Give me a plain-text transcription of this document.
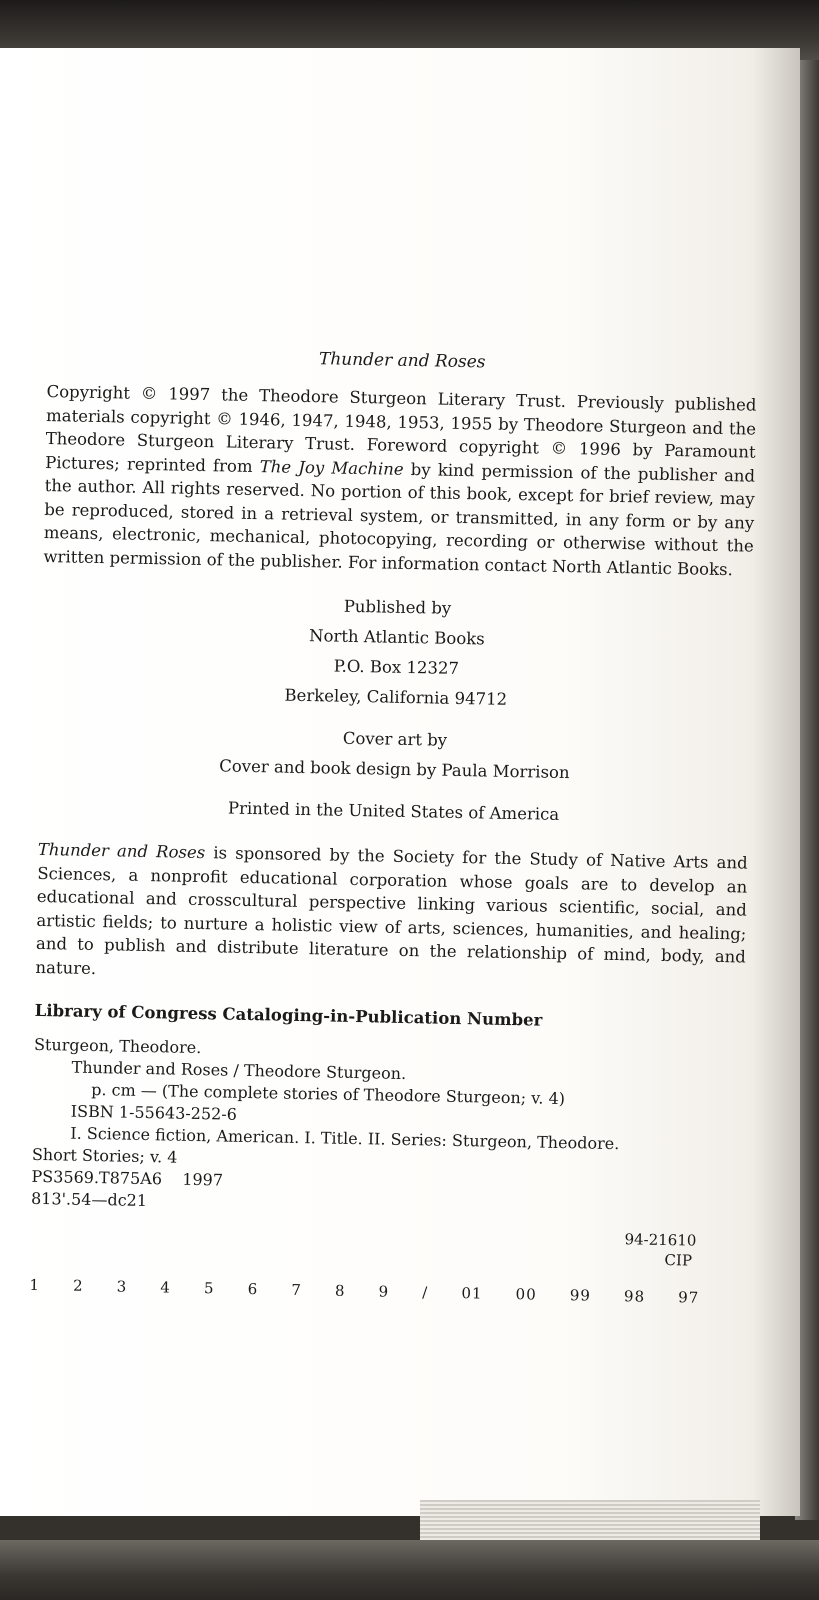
Thunder and Roses

Copyright © 1997 the Theodore Sturgeon Literary Trust. Previously published materials copyright © 1946, 1947, 1948, 1953, 1955 by Theodore Sturgeon and the Theodore Sturgeon Literary Trust. Foreword copyright © 1996 by Paramount Pictures; reprinted from The Joy Machine by kind permission of the publisher and the author. All rights reserved. No portion of this book, except for brief review, may be reproduced, stored in a retrieval system, or transmitted, in any form or by any means, electronic, mechanical, photocopying, recording or otherwise without the written permission of the publisher. For information contact North Atlantic Books.

Published by

North Atlantic Books

P.O. Box 12327

Berkeley, California 94712

Cover art by

Cover and book design by Paula Morrison

Printed in the United States of America

Thunder and Roses is sponsored by the Society for the Study of Native Arts and Sciences, a nonprofit educational corporation whose goals are to develop an educational and crosscultural perspective linking various scientific, social, and artistic fields; to nurture a holistic view of arts, sciences, humanities, and healing; and to publish and distribute literature on the relationship of mind, body, and nature.

Library of Congress Cataloging-in-Publication Number

Sturgeon, Theodore.

Thunder and Roses / Theodore Sturgeon.

p. cm — (The complete stories of Theodore Sturgeon; v. 4)

ISBN 1-55643-252-6

I. Science fiction, American. I. Title. II. Series: Sturgeon, Theodore.

Short Stories; v. 4

PS3569.T875A6    1997

813'.54—dc21

94-21610

CIP

1 2 3 4 5 6 7 8 9 / 01 00 99 98 97
